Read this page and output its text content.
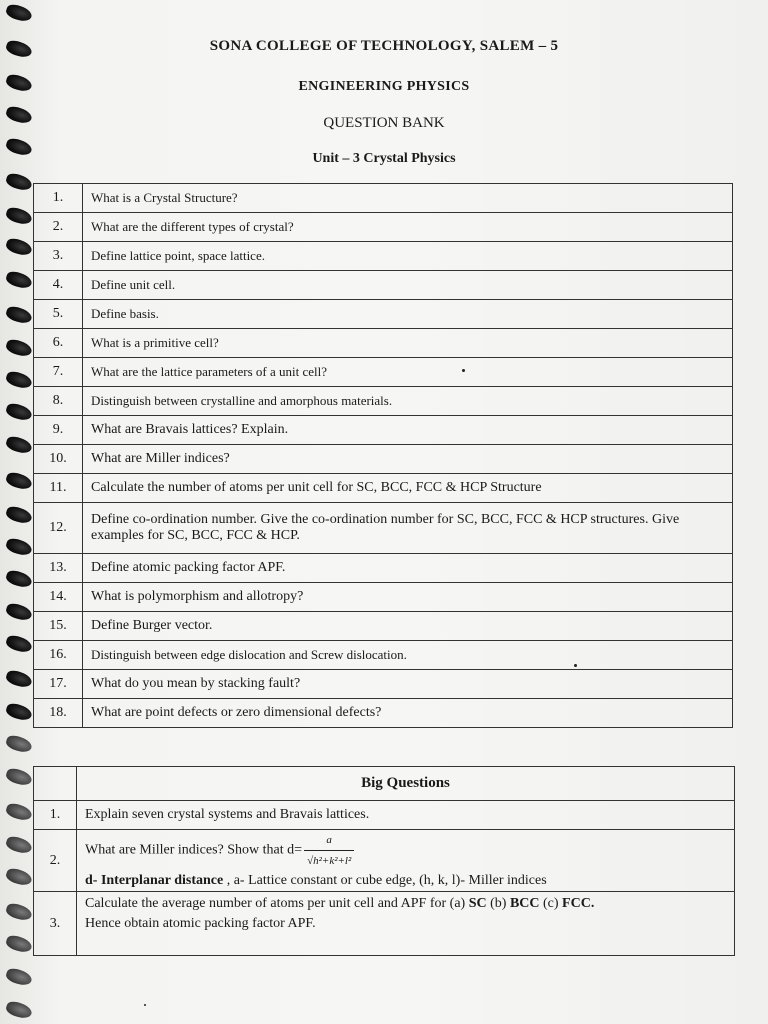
SONA COLLEGE OF TECHNOLOGY, SALEM – 5
ENGINEERING PHYSICS
QUESTION BANK
Unit – 3 Crystal Physics
1.	What is a Crystal Structure?
2.	What are the different types of crystal?
3.	Define lattice point, space lattice.
4.	Define unit cell.
5.	Define basis.
6.	What is a primitive cell?
7.	What are the lattice parameters of a unit cell?
8.	Distinguish between crystalline and amorphous materials.
9.	What are Bravais lattices? Explain.
10.	What are Miller indices?
11.	Calculate the number of atoms per unit cell for SC, BCC, FCC & HCP Structure
12.	Define co-ordination number. Give the co-ordination number for SC, BCC, FCC & HCP structures. Give examples for SC, BCC, FCC & HCP.
13.	Define atomic packing factor APF.
14.	What is polymorphism and allotropy?
15.	Define Burger vector.
16.	Distinguish between edge dislocation and Screw dislocation.
17.	What do you mean by stacking fault?
18.	What are point defects or zero dimensional defects?
	Big Questions
1.	Explain seven crystal systems and Bravais lattices.
2.	What are Miller indices? Show that $d= \frac{a}{\text{√h²+k²+l²}}$

d- Interplanar distance , a- Lattice constant or cube edge, (h, k, l)- Miller indices
3.	Calculate the average number of atoms per unit cell and APF for (a) SC (b) BCC (c) FCC.
Hence obtain atomic packing factor APF.
